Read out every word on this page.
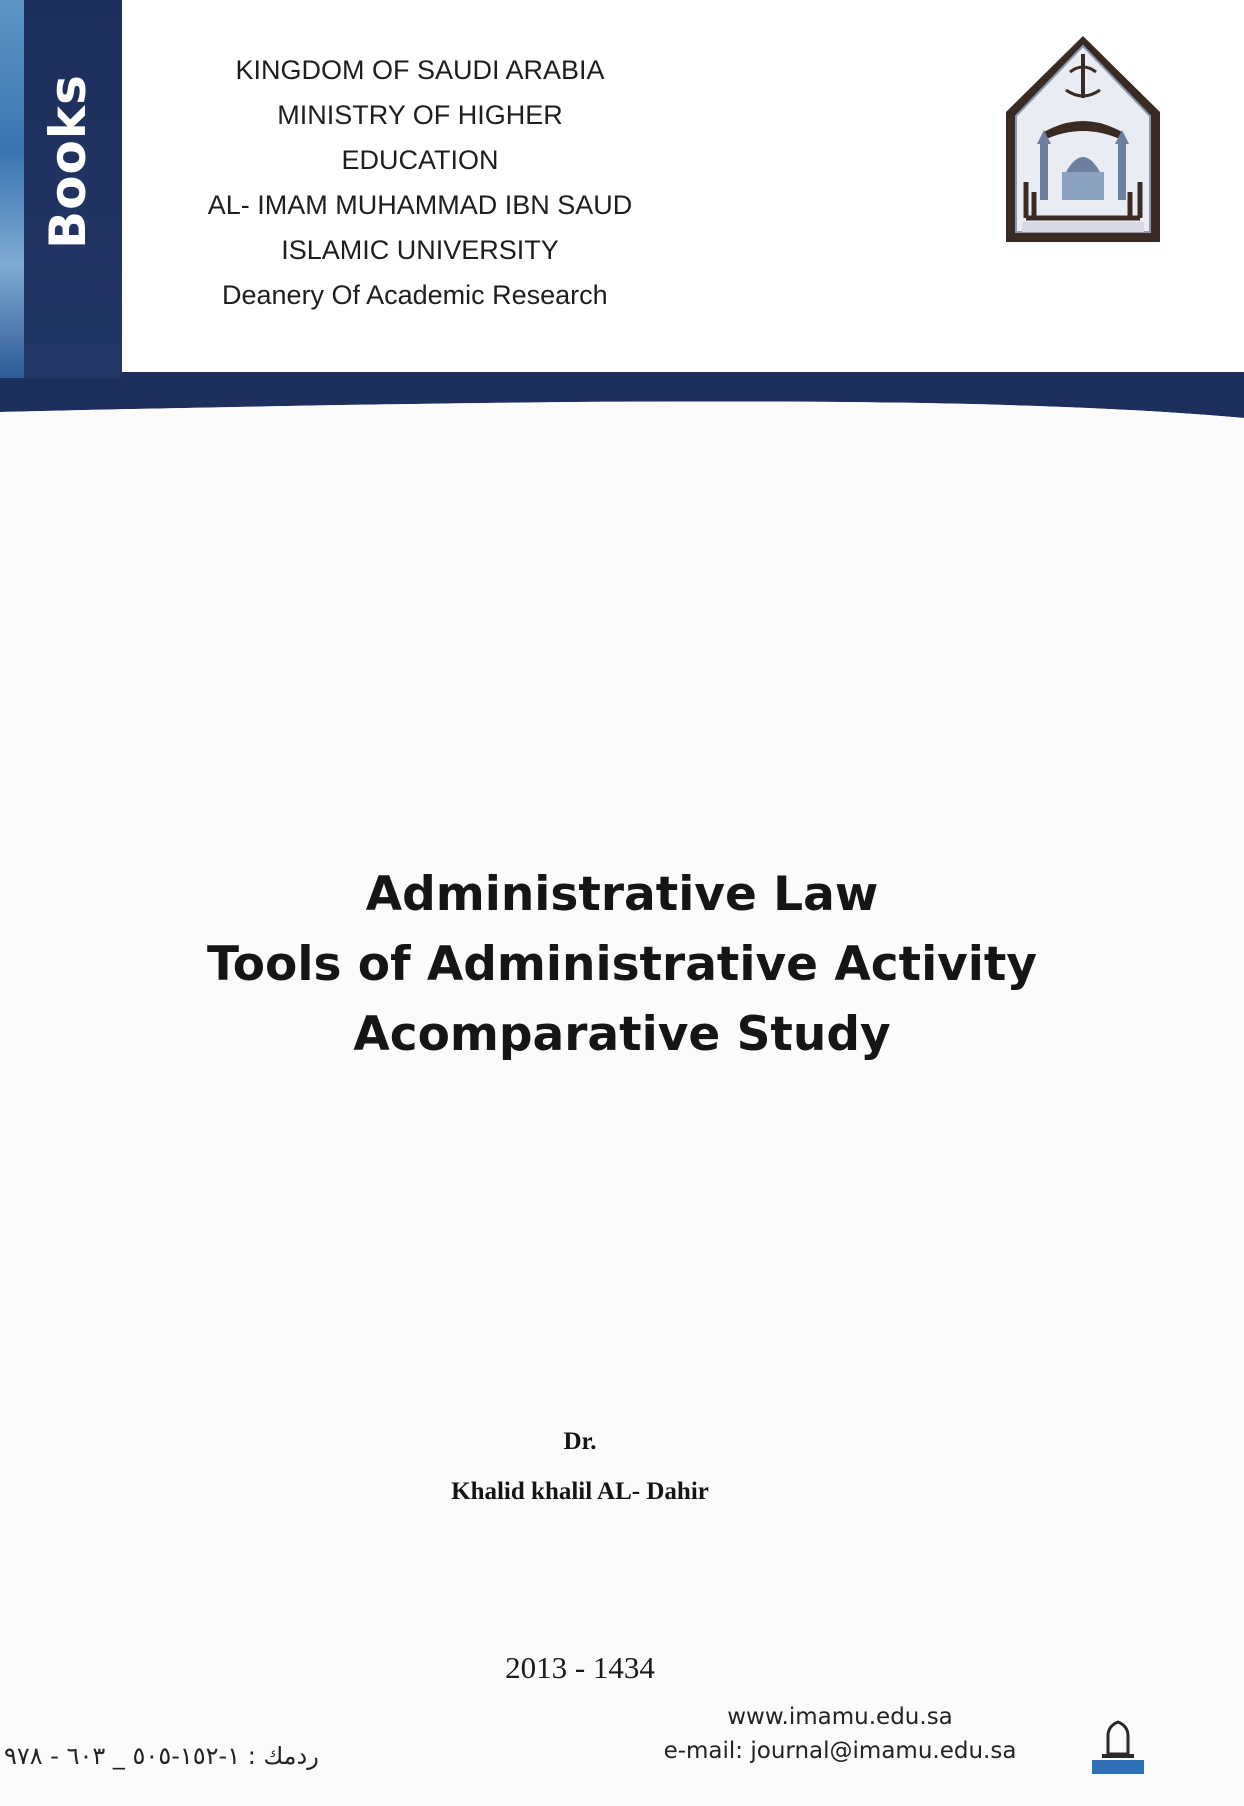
Books
KINGDOM OF SAUDI ARABIA
MINISTRY OF HIGHER EDUCATION
AL- IMAM MUHAMMAD IBN SAUD
ISLAMIC UNIVERSITY
Deanery Of Academic Research
Administrative Law
Tools of Administrative Activity
Acomparative Study
Dr.
Khalid khalil AL- Dahir
2013 - 1434
ردمك : ١-١٥٢-٥٠٥ _ ٦٠٣ - ٩٧٨
www.imamu.edu.sa
e-mail: journal@imamu.edu.sa
